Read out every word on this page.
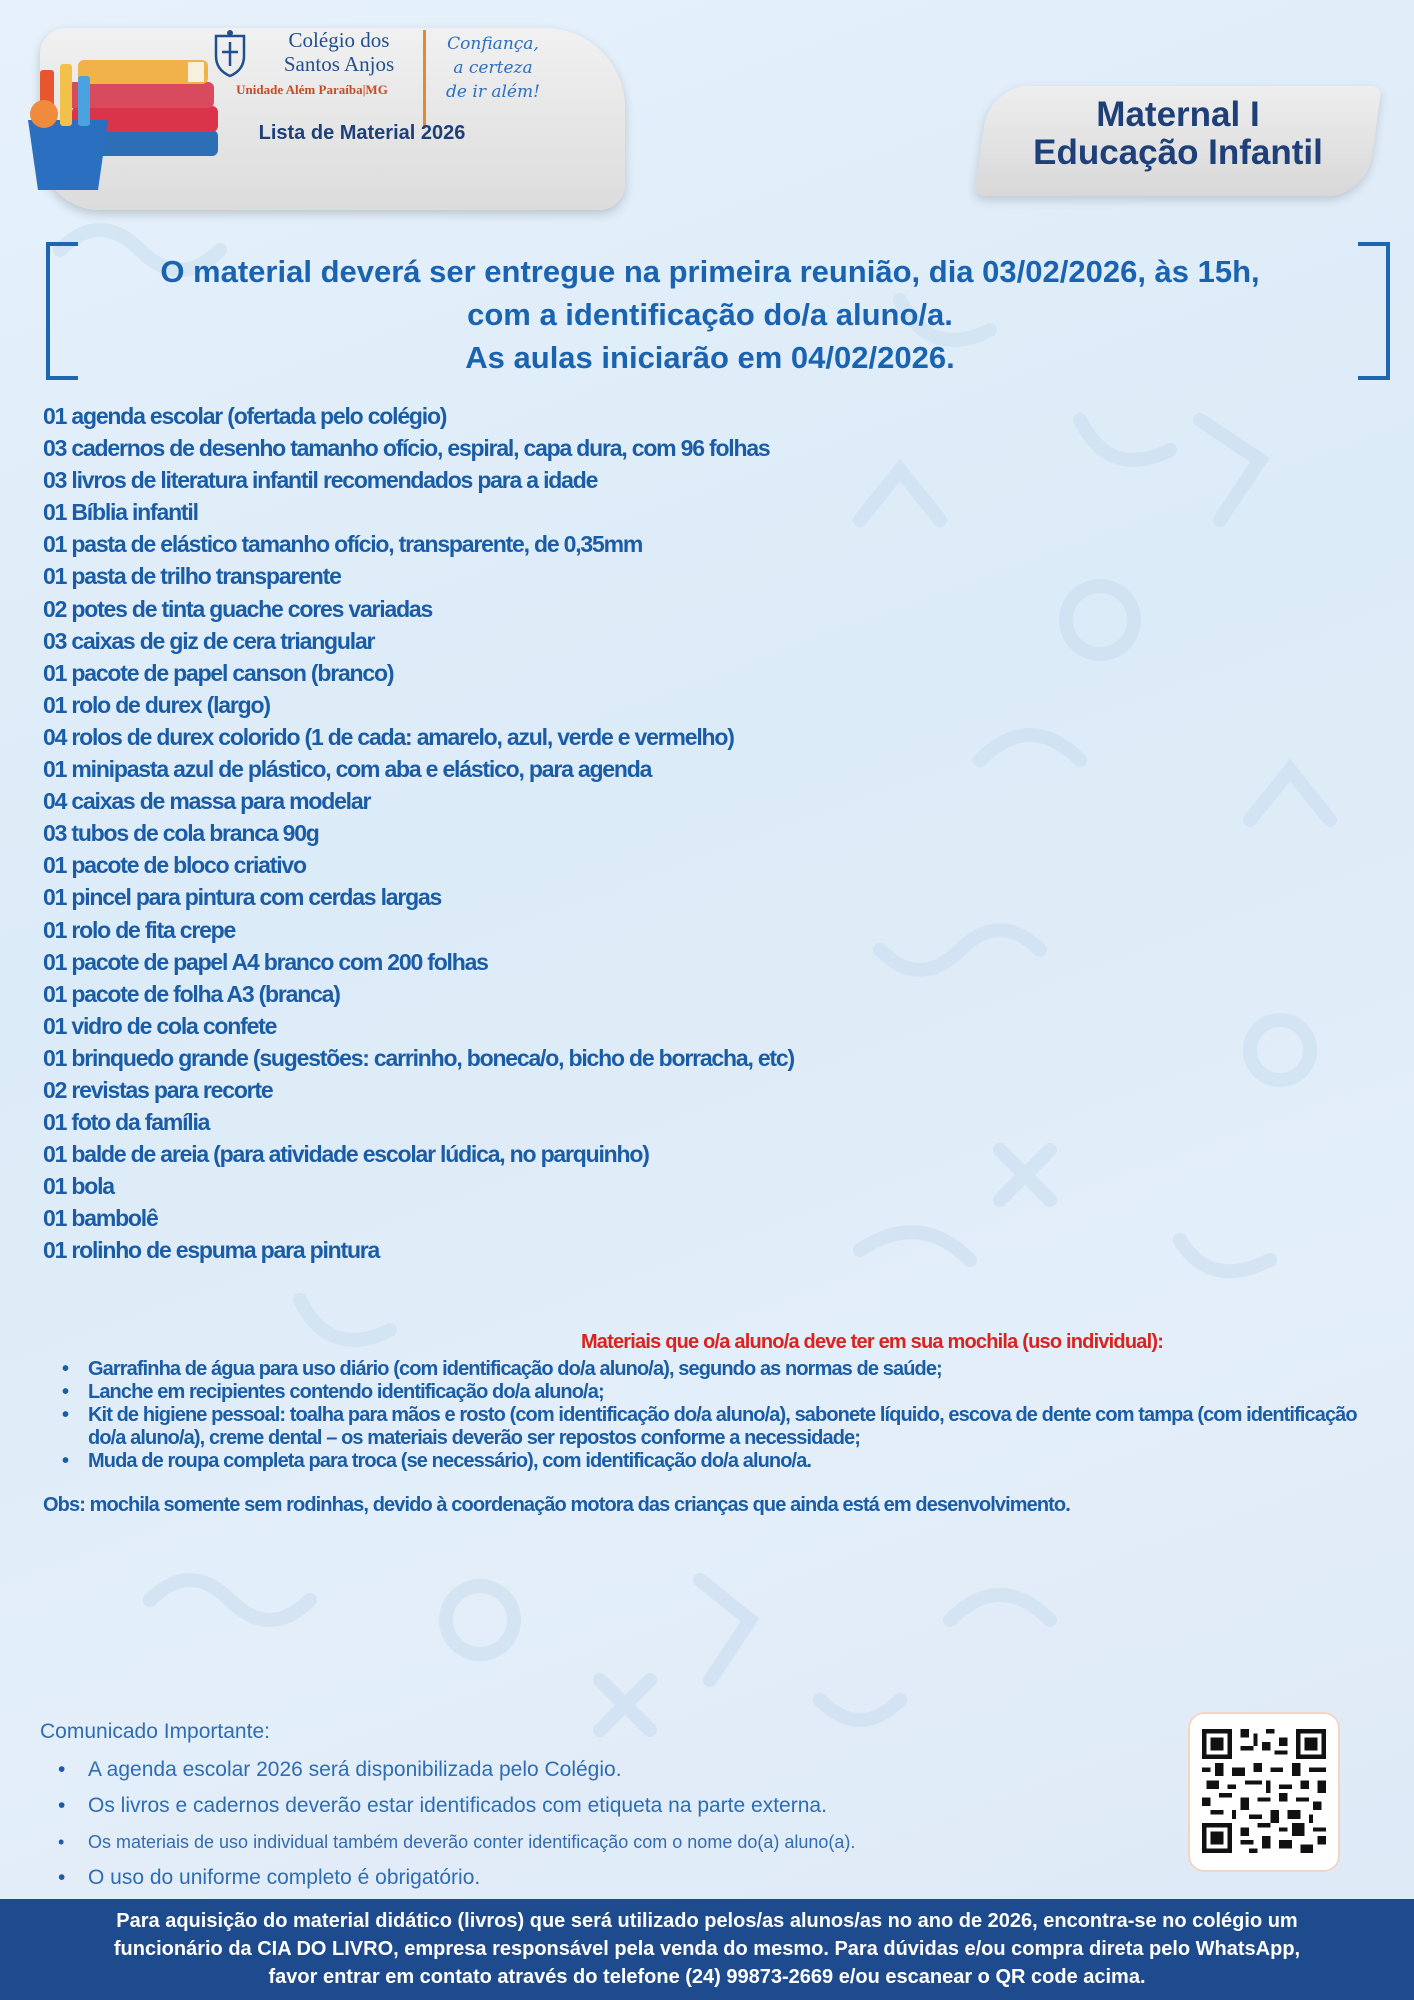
Colégio dos
Santos Anjos
Unidade Além Paraíba|MG
Confiança,
a certeza
de ir além!
Lista de Material 2026	Maternal I
Educação Infantil
O material deverá ser entregue na primeira reunião, dia 03/02/2026, às 15h,
com a identificação do/a aluno/a.
As aulas iniciarão em 04/02/2026.
01 agenda escolar (ofertada pelo colégio)
03 cadernos de desenho tamanho ofício, espiral, capa dura, com 96 folhas
03 livros de literatura infantil recomendados para a idade
01 Bíblia infantil
01 pasta de elástico tamanho ofício, transparente, de 0,35mm
01 pasta de trilho transparente
02 potes de tinta guache cores variadas
03 caixas de giz de cera triangular
01 pacote de papel canson (branco)
01 rolo de durex (largo)
04 rolos de durex colorido (1 de cada: amarelo, azul, verde e vermelho)
01 minipasta azul de plástico, com aba e elástico, para agenda
04 caixas de massa para modelar
03 tubos de cola branca 90g
01 pacote de bloco criativo
01 pincel para pintura com cerdas largas
01 rolo de fita crepe
01 pacote de papel A4 branco com 200 folhas
01 pacote de folha A3 (branca)
01 vidro de cola confete
01 brinquedo grande (sugestões: carrinho, boneca/o, bicho de borracha, etc)
02 revistas para recorte
01 foto da família
01 balde de areia (para atividade escolar lúdica, no parquinho)
01 bola
01 bambolê
01 rolinho de espuma para pintura
Materiais que o/a aluno/a deve ter em sua mochila (uso individual):
• Garrafinha de água para uso diário (com identificação do/a aluno/a), segundo as normas de saúde;
• Lanche em recipientes contendo identificação do/a aluno/a;
• Kit de higiene pessoal: toalha para mãos e rosto (com identificação do/a aluno/a), sabonete líquido, escova de dente com tampa (com identificação do/a aluno/a), creme dental – os materiais deverão ser repostos conforme a necessidade;
• Muda de roupa completa para troca (se necessário), com identificação do/a aluno/a.
Obs: mochila somente sem rodinhas, devido à coordenação motora das crianças que ainda está em desenvolvimento.
Comunicado Importante:
• A agenda escolar 2026 será disponibilizada pelo Colégio.
• Os livros e cadernos deverão estar identificados com etiqueta na parte externa.
• Os materiais de uso individual também deverão conter identificação com o nome do(a) aluno(a).
• O uso do uniforme completo é obrigatório.
Para aquisição do material didático (livros) que será utilizado pelos/as alunos/as no ano de 2026, encontra-se no colégio um
funcionário da CIA DO LIVRO, empresa responsável pela venda do mesmo. Para dúvidas e/ou compra direta pelo WhatsApp,
favor entrar em contato através do telefone (24) 99873-2669 e/ou escanear o QR code acima.
